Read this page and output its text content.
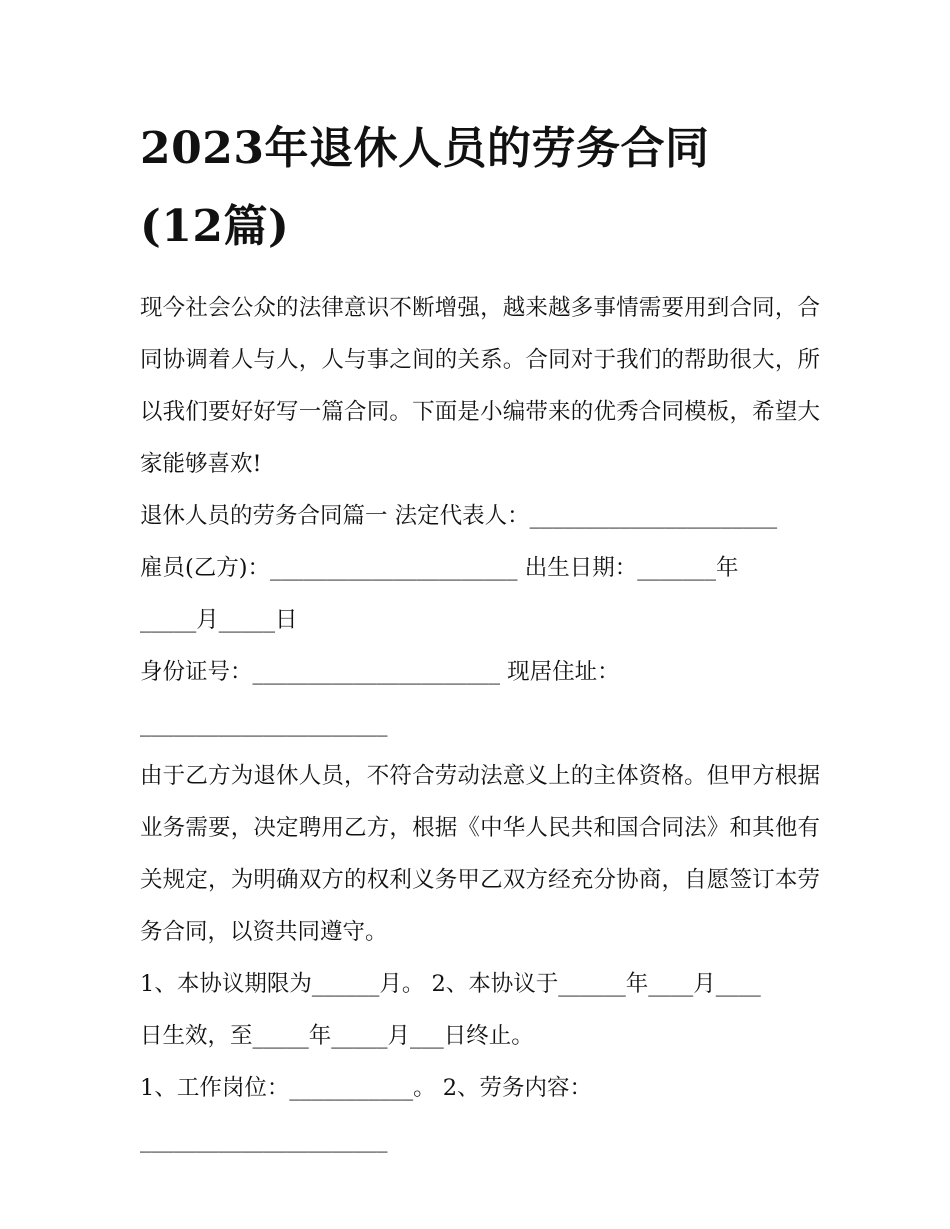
2023年退休人员的劳务合同
(12篇)

现今社会公众的法律意识不断增强，越来越多事情需要用到合同，合同协调着人与人，人与事之间的关系。合同对于我们的帮助很大，所以我们要好好写一篇合同。下面是小编带来的优秀合同模板，希望大家能够喜欢!

退休人员的劳务合同篇一 法定代表人：______________________

雇员(乙方)：______________________ 出生日期：_______年

_____月_____日

身份证号：______________________ 现居住址：

______________________

由于乙方为退休人员，不符合劳动法意义上的主体资格。但甲方根据业务需要，决定聘用乙方，根据《中华人民共和国合同法》和其他有关规定，为明确双方的权利义务甲乙双方经充分协商，自愿签订本劳务合同，以资共同遵守。

1、本协议期限为______月。 2、本协议于______年____月____

日生效，至_____年_____月___日终止。

1、工作岗位：___________。 2、劳务内容：

______________________
